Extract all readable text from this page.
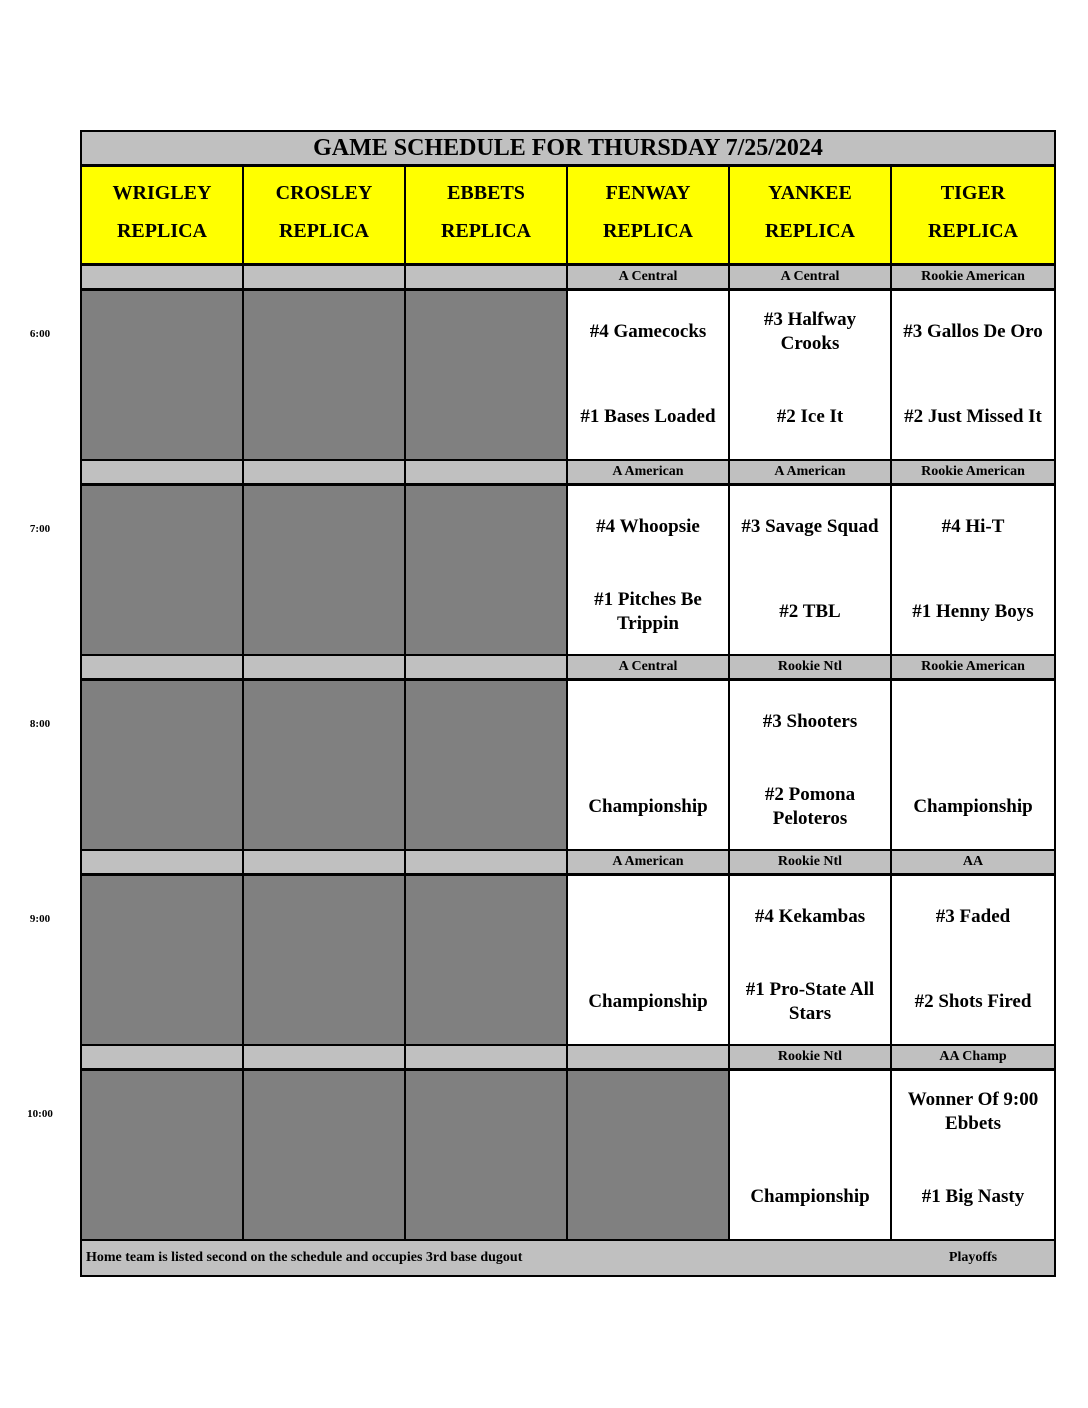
GAME SCHEDULE FOR THURSDAY 7/25/2024
WRIGLEY
REPLICA
CROSLEY
REPLICA
EBBETS
REPLICA
FENWAY
REPLICA
YANKEE
REPLICA
TIGER
REPLICA
A Central
#4 Gamecocks
#1 Bases Loaded
A Central
#3 Halfway Crooks
#2 Ice It
Rookie American
#3 Gallos De Oro
#2 Just Missed It
A American
#4 Whoopsie
#1 Pitches Be Trippin
A American
#3 Savage Squad
#2 TBL
Rookie American
#4 Hi-T
#1 Henny Boys
A Central
Championship
Rookie Ntl
#3 Shooters
#2 Pomona Peloteros
Rookie American
Championship
A American
Championship
Rookie Ntl
#4 Kekambas
#1 Pro-State All Stars
AA
#3 Faded
#2 Shots Fired
Rookie Ntl
Championship
AA Champ
Wonner Of 9:00 Ebbets
#1 Big Nasty
Home team is listed second on the schedule and occupies 3rd base dugout	Playoffs
6:00
7:00
8:00
9:00
10:00
